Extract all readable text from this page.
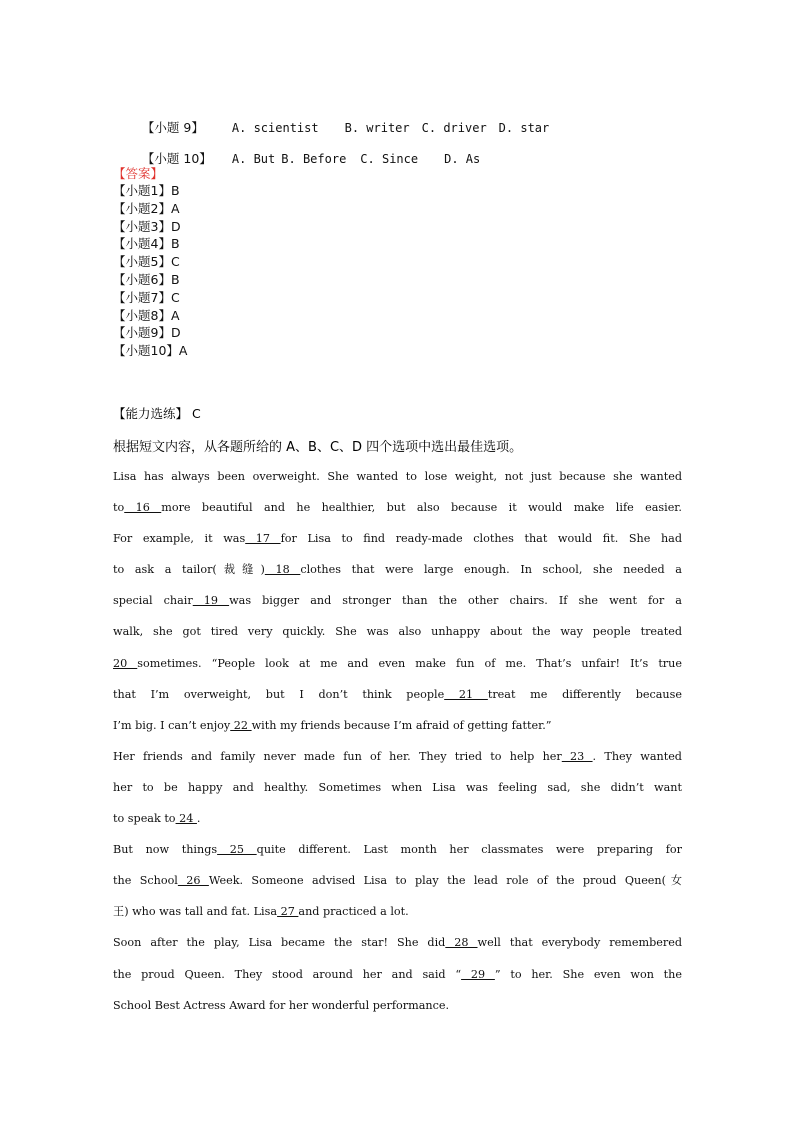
【小题 9】 A. scientist B. writer C. driver D. star

【小题 10】 A. But B. Before C. Since D. As

【答案】
【小题1】B
【小题2】A
【小题3】D
【小题4】B
【小题5】C
【小题6】B
【小题7】C
【小题8】A
【小题9】D
【小题10】A
【能力选练】 C
根据短文内容，从各题所给的 A、B、C、D 四个选项中选出最佳选项。
Lisa has always been overweight. She wanted to lose weight, not just because she wanted
to 16 more beautiful and he healthier, but also because it would make life easier.
For example, it was 17 for Lisa to find ready-made clothes that would fit. She had
to ask a tailor(裁缝) 18 clothes that were large enough. In school, she needed a
special chair 19 was bigger and stronger than the other chairs. If she went for a
walk, she got tired very quickly. She was also unhappy about the way people treated
20 sometimes. “People look at me and even make fun of me. That’s unfair! It’s true
that I’m overweight, but I don’t think people 21 treat me differently because
I’m big. I can’t enjoy 22 with my friends because I’m afraid of getting fatter.”
Her friends and family never made fun of her. They tried to help her 23 . They wanted
her to be happy and healthy. Sometimes when Lisa was feeling sad, she didn’t want
to speak to 24 .
But now things 25 quite different. Last month her classmates were preparing for
the School 26 Week. Someone advised Lisa to play the lead role of the proud Queen(女
王) who was tall and fat. Lisa 27 and practiced a lot.
Soon after the play, Lisa became the star! She did 28 well that everybody remembered
the proud Queen. They stood around her and said “ 29 ” to her. She even won the
School Best Actress Award for her wonderful performance.
